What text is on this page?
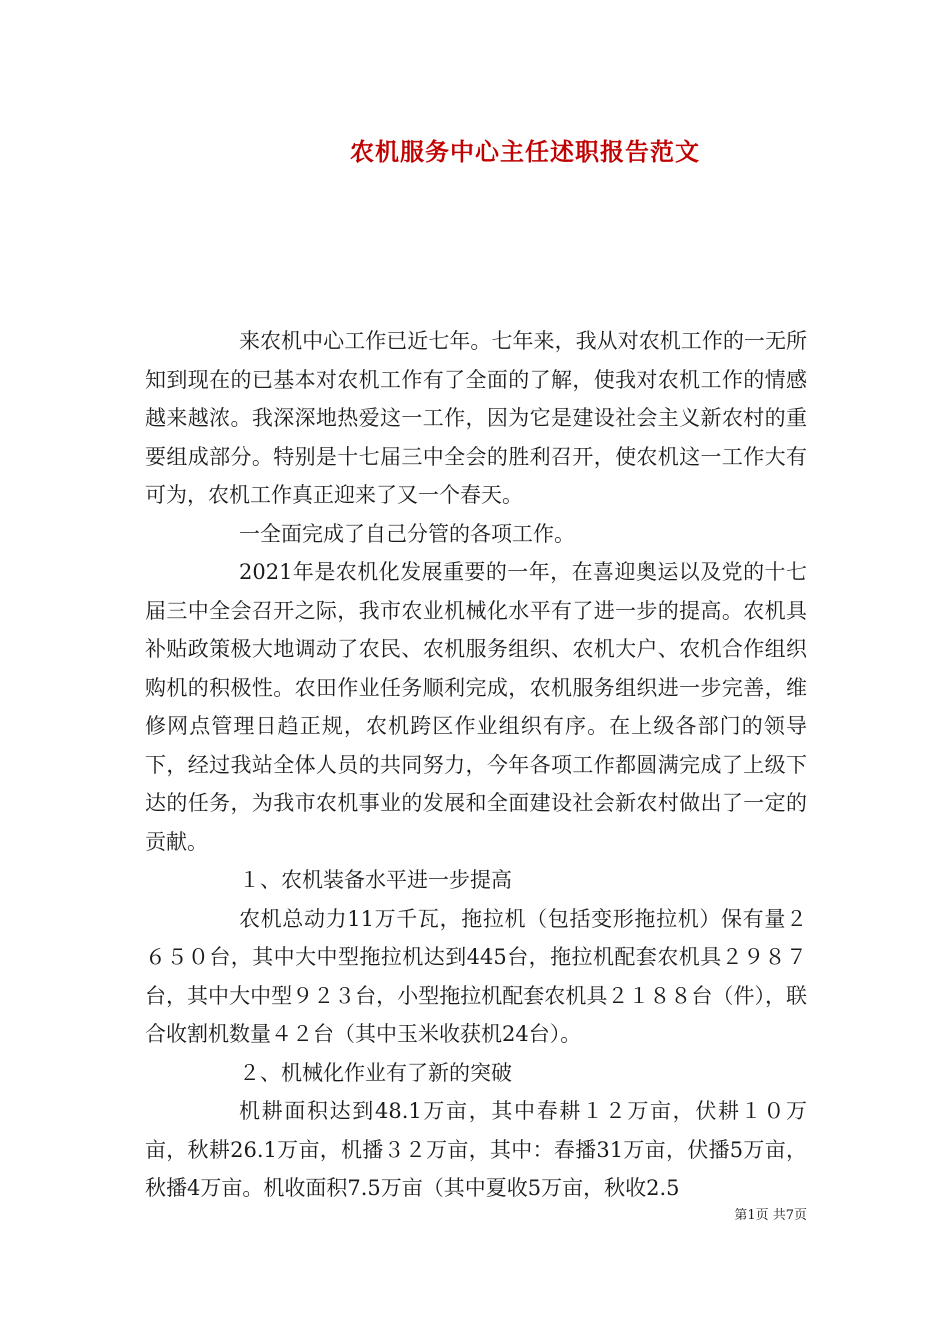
农机服务中心主任述职报告范文

来农机中心工作已近七年。七年来，我从对农机工作的一无所知到现在的已基本对农机工作有了全面的了解，使我对农机工作的情感越来越浓。我深深地热爱这一工作，因为它是建设社会主义新农村的重要组成部分。特别是十七届三中全会的胜利召开，使农机这一工作大有可为，农机工作真正迎来了又一个春天。

一全面完成了自己分管的各项工作。

2021年是农机化发展重要的一年，在喜迎奥运以及党的十七届三中全会召开之际，我市农业机械化水平有了进一步的提高。农机具补贴政策极大地调动了农民、农机服务组织、农机大户、农机合作组织购机的积极性。农田作业任务顺利完成，农机服务组织进一步完善，维修网点管理日趋正规，农机跨区作业组织有序。在上级各部门的领导下，经过我站全体人员的共同努力，今年各项工作都圆满完成了上级下达的任务，为我市农机事业的发展和全面建设社会新农村做出了一定的贡献。

１、农机装备水平进一步提高

农机总动力11万千瓦，拖拉机（包括变形拖拉机）保有量２６５０台，其中大中型拖拉机达到445台，拖拉机配套农机具２９８７台，其中大中型９２３台，小型拖拉机配套农机具２１８８台（件），联合收割机数量４２台（其中玉米收获机24台）。

２、机械化作业有了新的突破

机耕面积达到48.1万亩，其中春耕１２万亩，伏耕１０万亩，秋耕26.1万亩，机播３２万亩，其中：春播31万亩，伏播5万亩，秋播4万亩。机收面积7.5万亩（其中夏收5万亩，秋收2.5

第1页 共7页
